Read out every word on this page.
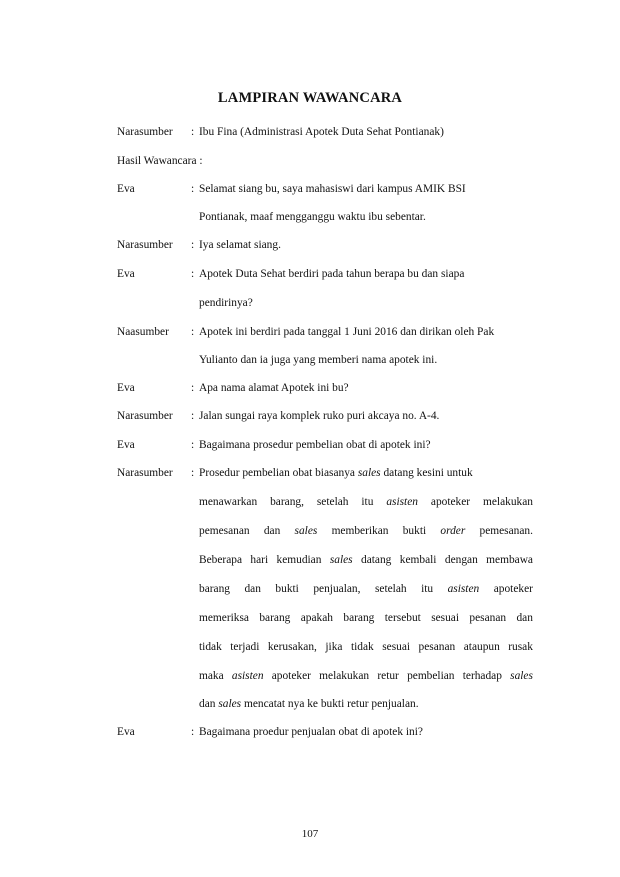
LAMPIRAN WAWANCARA
Narasumber : Ibu Fina (Administrasi Apotek Duta Sehat Pontianak)
Hasil Wawancara :
Eva	: Selamat siang bu, saya mahasiswi dari kampus AMIK BSI
Pontianak, maaf mengganggu waktu ibu sebentar.
Narasumber : Iya selamat siang.
Eva	: Apotek Duta Sehat berdiri pada tahun berapa bu dan siapa
pendirinya?
Naasumber : Apotek ini berdiri pada tanggal 1 Juni 2016 dan dirikan oleh Pak
Yulianto dan ia juga yang memberi nama apotek ini.
Eva	: Apa nama alamat Apotek ini bu?
Narasumber : Jalan sungai raya komplek ruko puri akcaya no. A-4.
Eva	: Bagaimana prosedur pembelian obat di apotek ini?
Narasumber : Prosedur pembelian obat biasanya sales datang kesini untuk
menawarkan barang, setelah itu asisten apoteker melakukan
pemesanan dan sales memberikan bukti order pemesanan.
Beberapa hari kemudian sales datang kembali dengan membawa
barang dan bukti penjualan, setelah itu asisten apoteker
memeriksa barang apakah barang tersebut sesuai pesanan dan
tidak terjadi kerusakan, jika tidak sesuai pesanan ataupun rusak
maka asisten apoteker melakukan retur pembelian terhadap sales
dan sales mencatat nya ke bukti retur penjualan.
Eva	: Bagaimana proedur penjualan obat di apotek ini?
107
